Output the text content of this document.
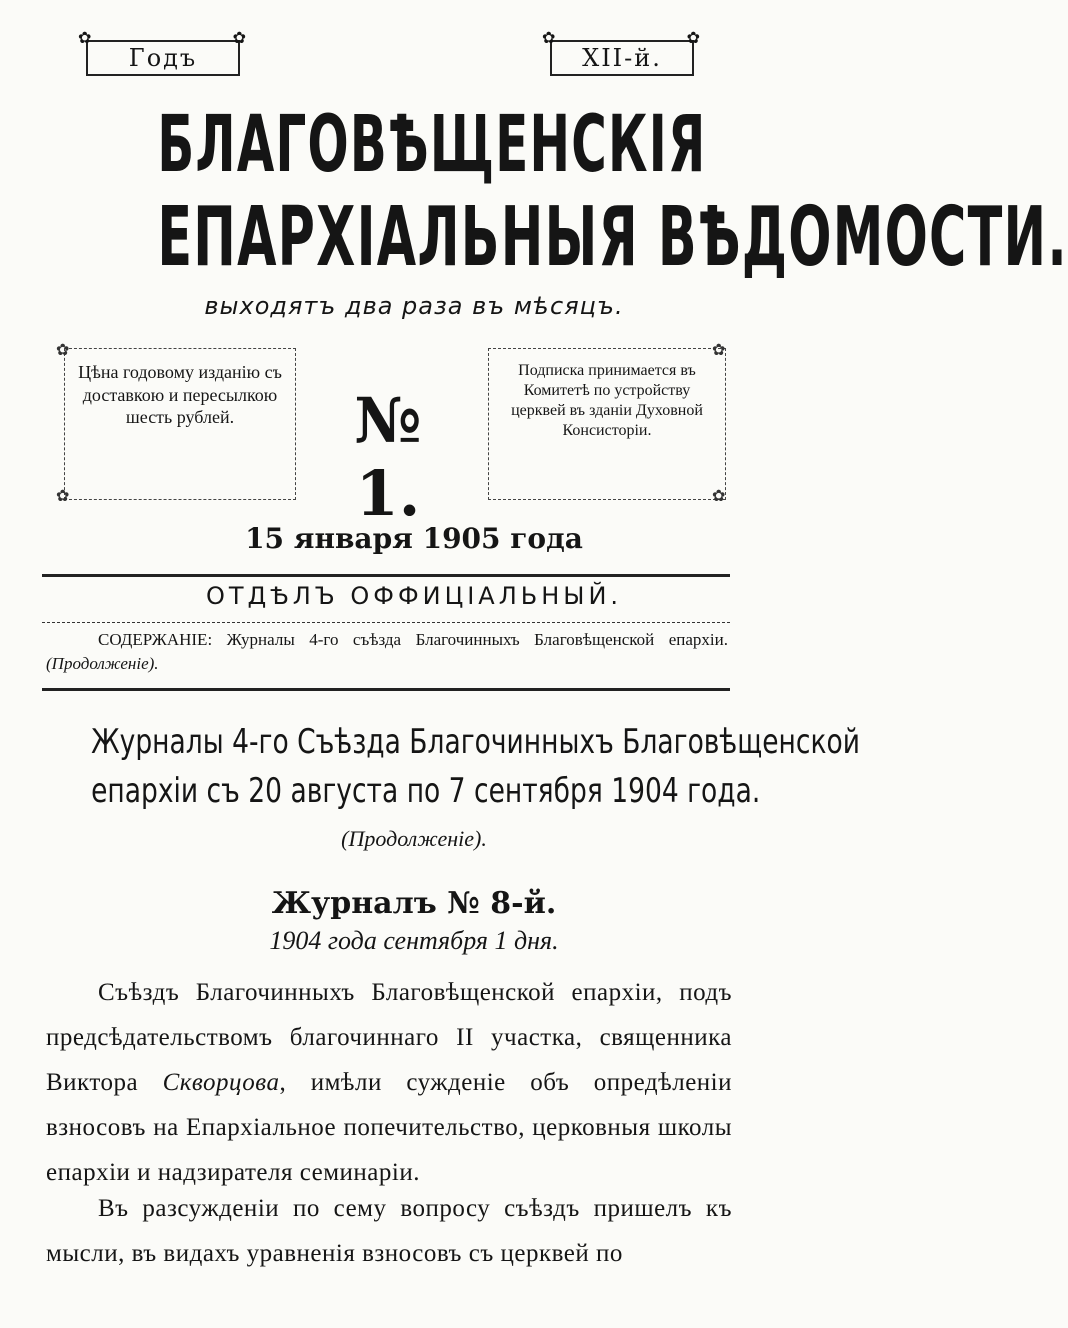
✿ Годъ ✿
✿	XII-й. ✿
БЛАГОВѢЩЕНСКІЯ
ЕПАРХІАЛЬНЫЯ ВѢДОМОСТИ.
выходятъ два раза въ мѣсяцъ.
Цѣна годовому изданію съ доставкою и пересылкою шесть рублей.
✿
✿
№ 1.
Подписка принимается въ Комитетѣ по устройству церквей въ зданіи Духовной Консисторіи.
✿
✿
15 января 1905 года
ОТДѢЛЪ ОФФИЦІАЛЬНЫЙ.
СОДЕРЖАНІЕ: Журналы 4-го съѣзда Благочинныхъ Благовѣщенской епархіи. (Продолженіе).
Журналы 4-го Съѣзда Благочинныхъ Благовѣщенской
епархіи съ 20 августа по 7 сентября 1904 года.
(Продолженіе).
Журналъ № 8-й.
1904 года сентября 1 дня.
Съѣздъ Благочинныхъ Благовѣщенской епархіи, подъ предсѣдательствомъ благочиннаго II участка, священника Виктора Скворцова, имѣли сужденіе объ опредѣленіи взносовъ на Епархіальное попечительство, церковныя школы епархіи и надзирателя семинаріи.
Въ разсужденіи по сему вопросу съѣздъ пришелъ къ мысли, въ видахъ уравненія взносовъ съ церквей по
